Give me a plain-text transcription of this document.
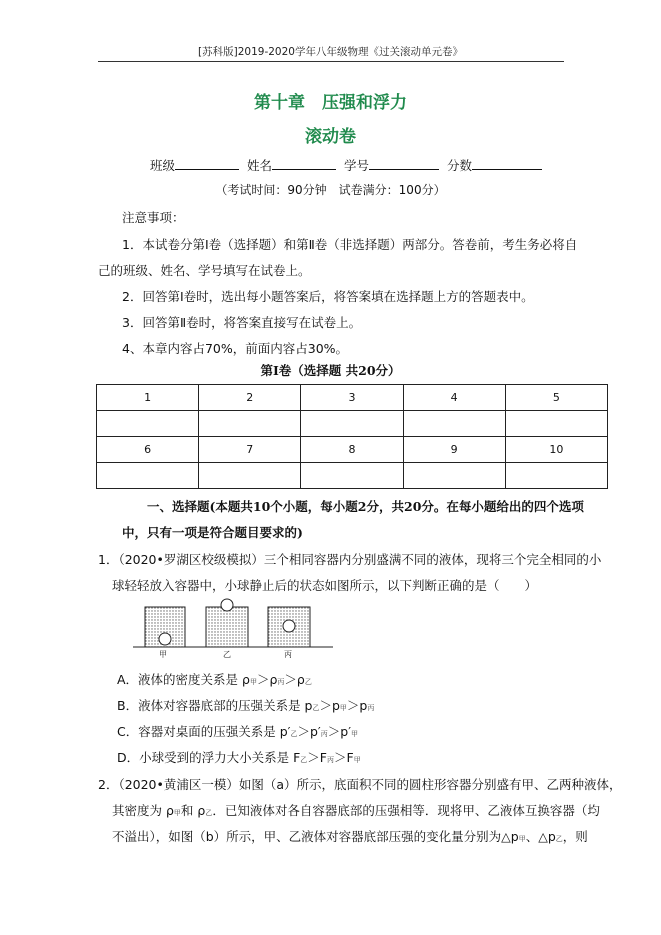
[苏科版]2019-2020学年八年级物理《过关滚动单元卷》
第十章　压强和浮力
滚动卷
班级	姓名	学号	分数
（考试时间：90分钟　试卷满分：100分）
注意事项：
1．本试卷分第Ⅰ卷（选择题）和第Ⅱ卷（非选择题）两部分。答卷前，考生务必将自
己的班级、姓名、学号填写在试卷上。
2．回答第Ⅰ卷时，选出每小题答案后，将答案填在选择题上方的答题表中。
3．回答第Ⅱ卷时，将答案直接写在试卷上。
4、本章内容占70%，前面内容占30%。
第Ⅰ卷（选择题 共20分）
1	2	3	4	5

6	7	8	9	10

一、选择题(本题共10个小题，每小题2分，共20分。在每小题给出的四个选项
中，只有一项是符合题目要求的)
1．（2020•罗湖区校级模拟）三个相同容器内分别盛满不同的液体，现将三个完全相同的小
球轻轻放入容器中，小球静止后的状态如图所示，以下判断正确的是（　　）
甲	乙	丙
A．液体的密度关系是 ρ甲＞ρ丙＞ρ乙
B．液体对容器底部的压强关系是 p乙＞p甲＞p丙
C．容器对桌面的压强关系是 p′乙＞p′丙＞p′甲
D．小球受到的浮力大小关系是 F乙＞F丙＞F甲
2．（2020•黄浦区一模）如图（a）所示，底面积不同的圆柱形容器分别盛有甲、乙两种液体，
其密度为 ρ甲和 ρ乙．已知液体对各自容器底部的压强相等．现将甲、乙液体互换容器（均
不溢出），如图（b）所示，甲、乙液体对容器底部压强的变化量分别为△p甲、△p乙，则
